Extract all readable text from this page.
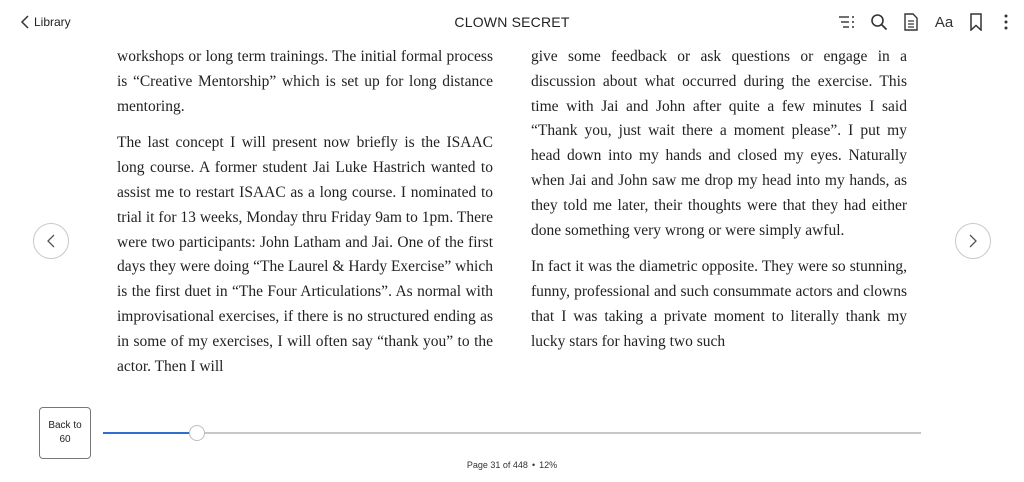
Library	CLOWN SECRET	Aa

workshops or long term trainings. The initial formal process is “Creative Mentorship” which is set up for long distance mentoring.

The last concept I will present now briefly is the ISAAC long course. A former student Jai Luke Hastrich wanted to assist me to restart ISAAC as a long course. I nominated to trial it for 13 weeks, Monday thru Friday 9am to 1pm. There were two participants: John Latham and Jai. One of the first days they were doing “The Laurel & Hardy Exercise” which is the first duet in “The Four Articulations”. As normal with improvisational exercises, if there is no structured ending as in some of my exercises, I will often say “thank you” to the actor. Then I will

give some feedback or ask questions or engage in a discussion about what occurred during the exercise. This time with Jai and John after quite a few minutes I said “Thank you, just wait there a moment please”. I put my head down into my hands and closed my eyes. Naturally when Jai and John saw me drop my head into my hands, as they told me later, their thoughts were that they had either done something very wrong or were simply awful.

In fact it was the diametric opposite. They were so stunning, funny, professional and such consummate actors and clowns that I was taking a private moment to literally thank my lucky stars for having two such

Back to
60
Page 31 of 448 • 12%
